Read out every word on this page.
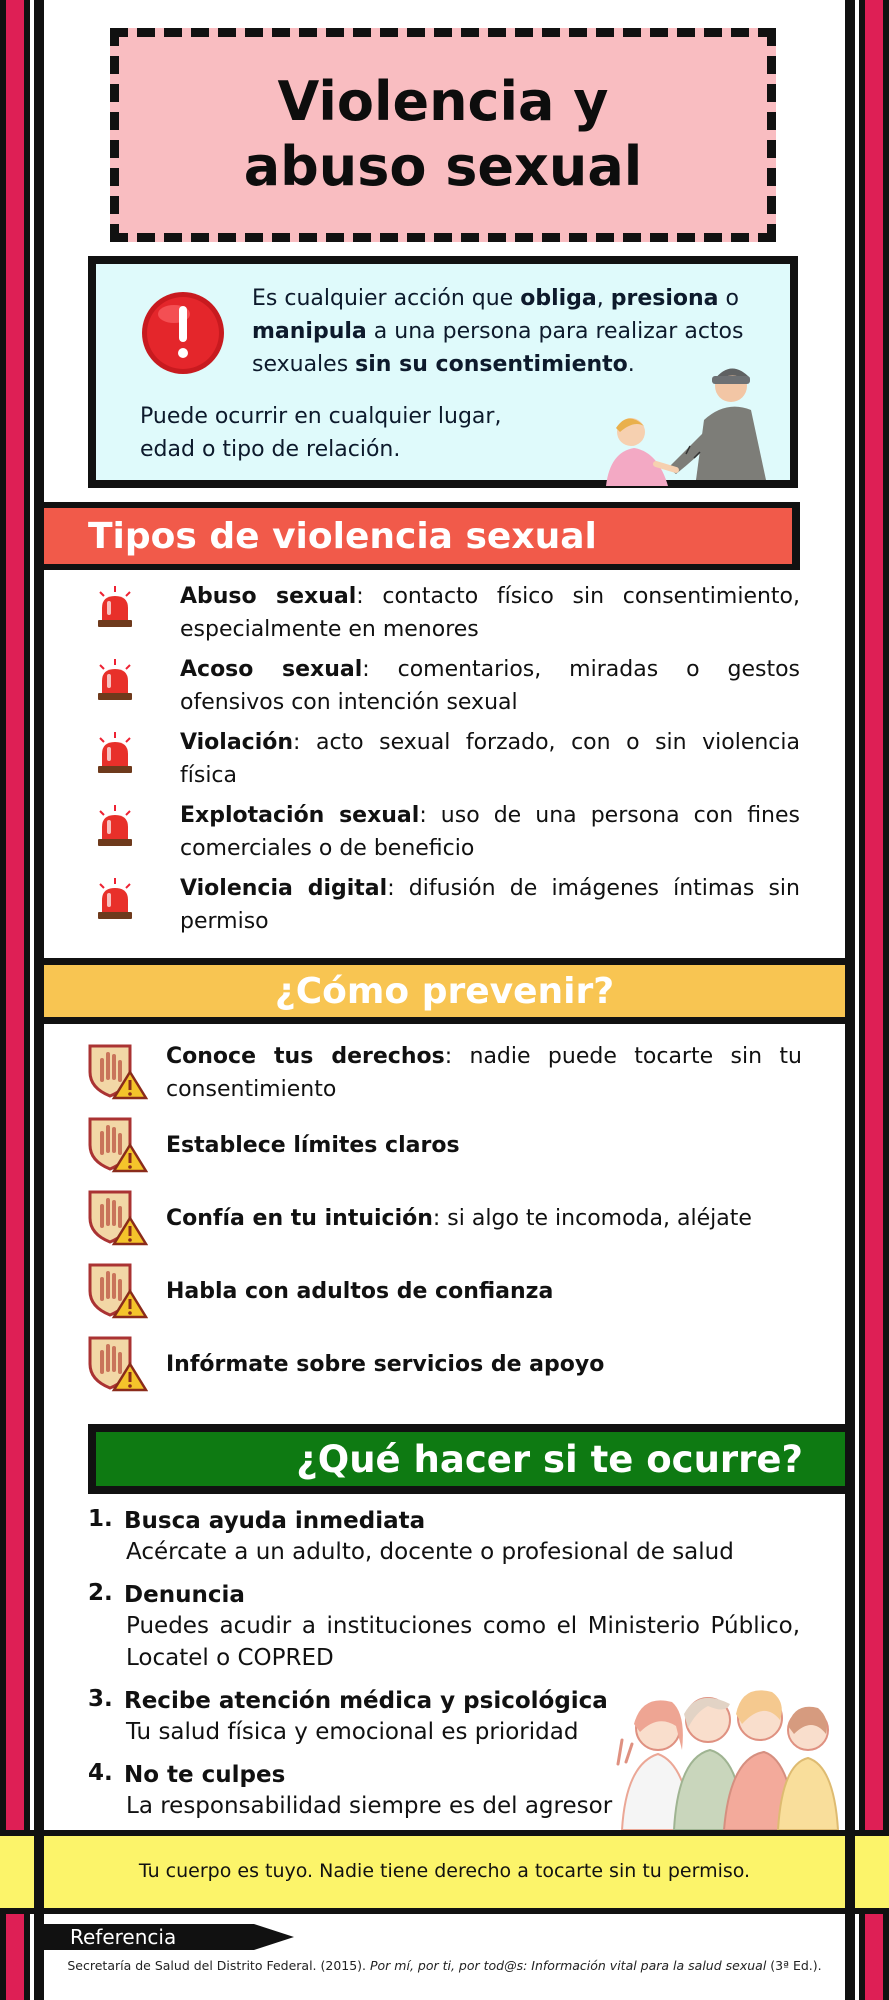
Violencia y abuso sexual
Es cualquier acción que obliga, presiona o manipula a una persona para realizar actos sexuales sin su consentimiento.
Puede ocurrir en cualquier lugar, edad o tipo de relación.
Tipos de violencia sexual
Abuso sexual: contacto físico sin consentimiento, especialmente en menores
Acoso sexual: comentarios, miradas o gestos ofensivos con intención sexual
Violación: acto sexual forzado, con o sin violencia física
Explotación sexual: uso de una persona con fines comerciales o de beneficio
Violencia digital: difusión de imágenes íntimas sin permiso
¿Cómo prevenir?
Conoce tus derechos: nadie puede tocarte sin tu consentimiento
Establece límites claros
Confía en tu intuición: si algo te incomoda, aléjate
Habla con adultos de confianza
Infórmate sobre servicios de apoyo
¿Qué hacer si te ocurre?
1. Busca ayuda inmediata
Acércate a un adulto, docente o profesional de salud
2. Denuncia
Puedes acudir a instituciones como el Ministerio Público, Locatel o COPRED
3. Recibe atención médica y psicológica
Tu salud física y emocional es prioridad
4. No te culpes
La responsabilidad siempre es del agresor
Tu cuerpo es tuyo. Nadie tiene derecho a tocarte sin tu permiso.
Referencia
Secretaría de Salud del Distrito Federal. (2015). Por mí, por ti, por tod@s: Información vital para la salud sexual (3ª Ed.).
